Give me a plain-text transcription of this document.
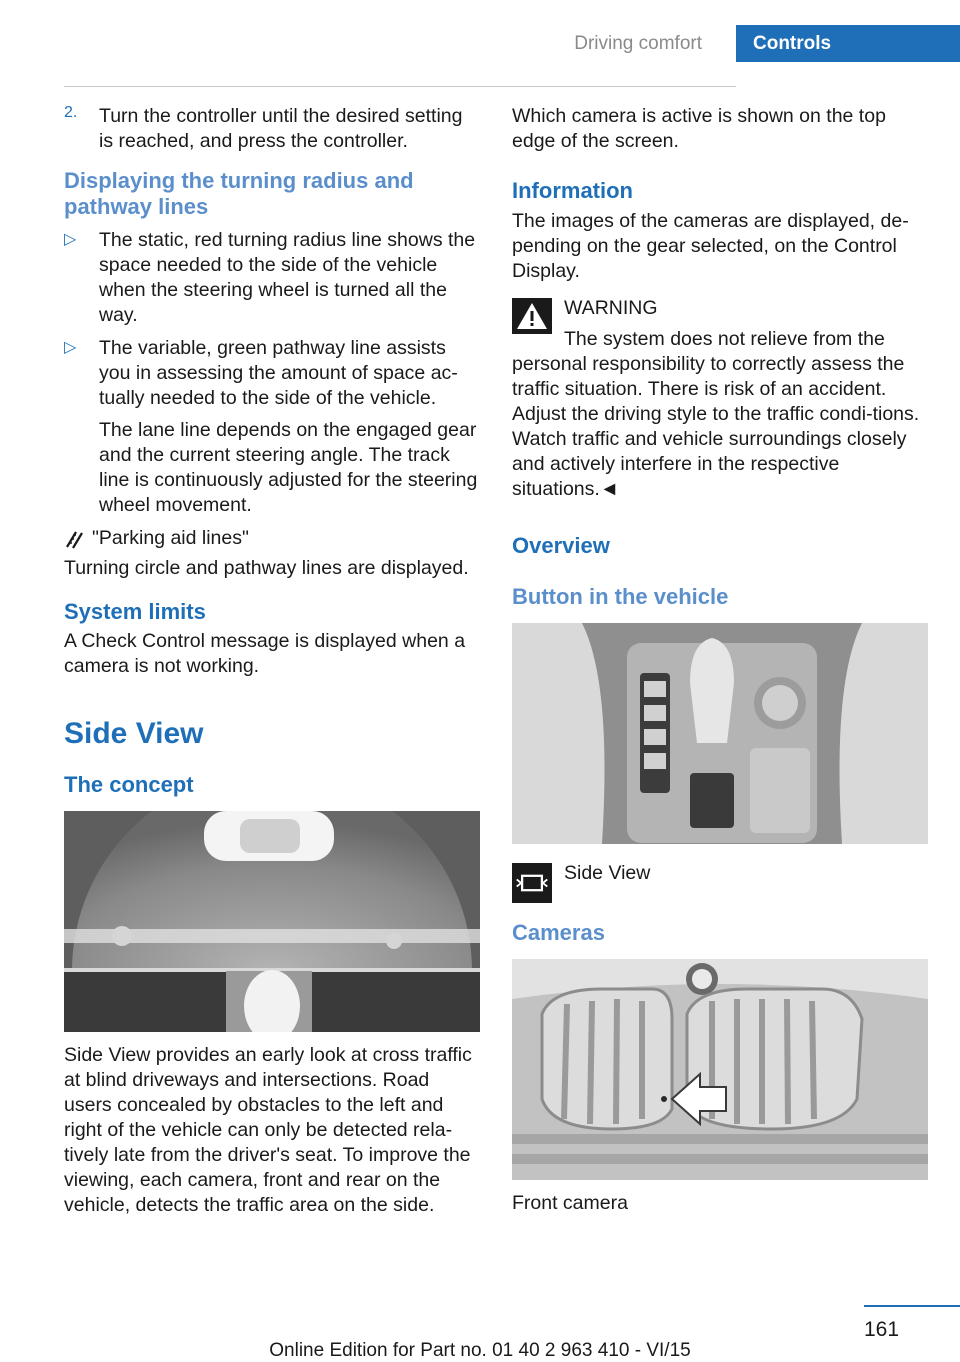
Driving comfort	Controls
2. Turn the controller until the desired setting is reached, and press the controller.

Displaying the turning radius and pathway lines
▷ The static, red turning radius line shows the space needed to the side of the vehicle when the steering wheel is turned all the way.

▷ The variable, green pathway line assists you in assessing the amount of space ac‐tually needed to the side of the vehicle.

The lane line depends on the engaged gear and the current steering angle. The track line is continuously adjusted for the steering wheel movement.

"Parking aid lines"

Turning circle and pathway lines are displayed.

System limits

A Check Control message is displayed when a camera is not working.

Side View
The concept

Side View provides an early look at cross traffic at blind driveways and intersections. Road users concealed by obstacles to the left and right of the vehicle can only be detected rela‐tively late from the driver's seat. To improve the viewing, each camera, front and rear on the vehicle, detects the traffic area on the side.

Which camera is active is shown on the top edge of the screen.

Information

The images of the cameras are displayed, de‐pending on the gear selected, on the Control Display.

WARNING

The system does not relieve from the

personal responsibility to correctly assess the traffic situation. There is risk of an accident. Adjust the driving style to the traffic condi‐tions. Watch traffic and vehicle surroundings closely and actively interfere in the respective situations.◄

Overview
Button in the vehicle

Side View

Cameras

Front camera

161
Online Edition for Part no. 01 40 2 963 410 - VI/15
